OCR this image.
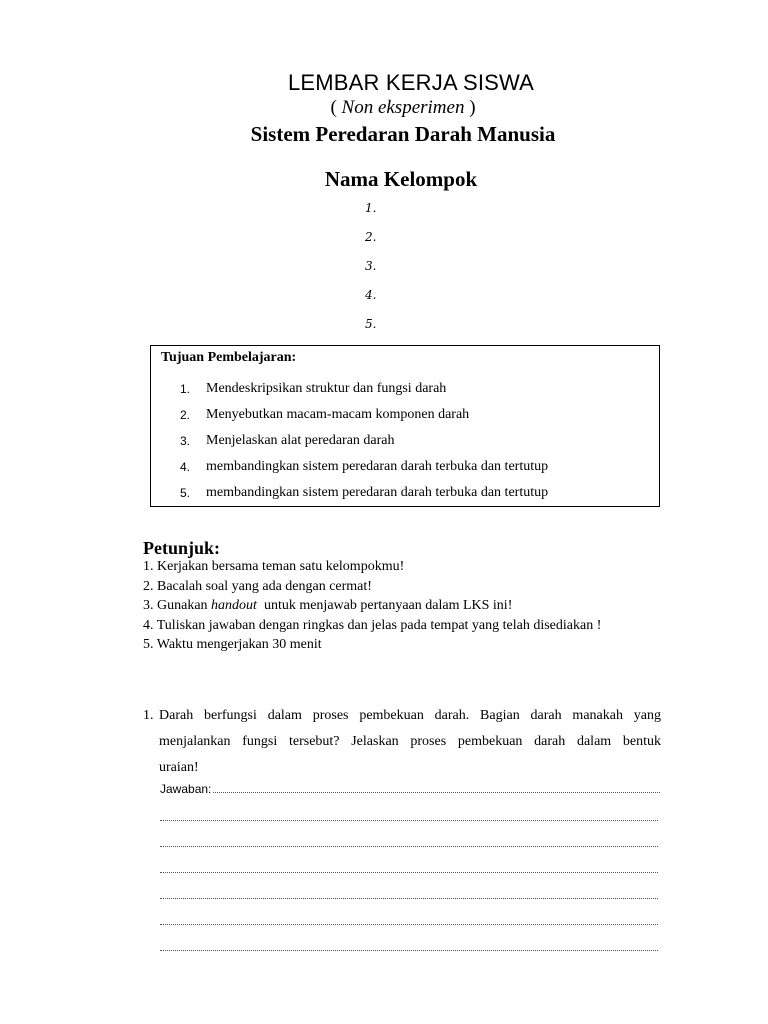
LEMBAR KERJA SISWA
( Non eksperimen )
Sistem Peredaran Darah Manusia
Nama Kelompok
1.
2.
3.
4.
5.
Tujuan Pembelajaran:
1. Mendeskripsikan struktur dan fungsi darah
2. Menyebutkan macam-macam komponen darah
3. Menjelaskan alat peredaran darah
4. membandingkan sistem peredaran darah terbuka dan tertutup
5. membandingkan sistem peredaran darah terbuka dan tertutup
Petunjuk:
1. Kerjakan bersama teman satu kelompokmu!
2. Bacalah soal yang ada dengan cermat!
3. Gunakan handout  untuk menjawab pertanyaan dalam LKS ini!
4. Tuliskan jawaban dengan ringkas dan jelas pada tempat yang telah disediakan !
5. Waktu mengerjakan 30 menit
1. Darah berfungsi dalam proses pembekuan darah. Bagian darah manakah yang
menjalankan fungsi tersebut? Jelaskan proses pembekuan darah dalam bentuk
uraian!
Jawaban:
